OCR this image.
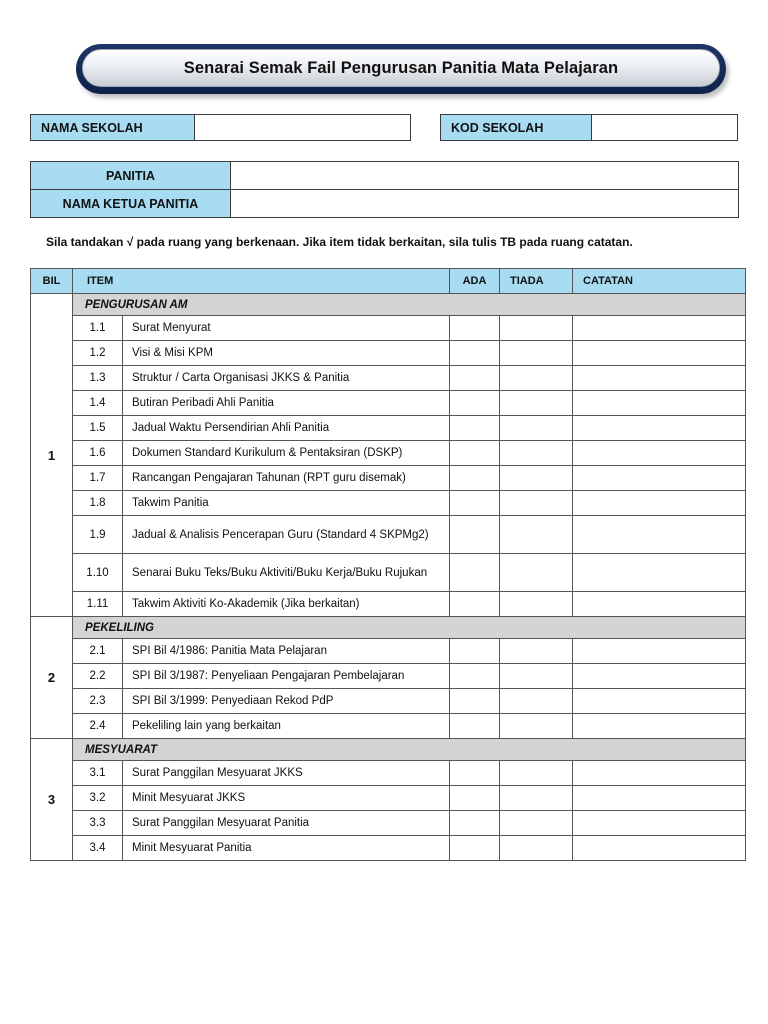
Senarai Semak Fail Pengurusan Panitia Mata Pelajaran
NAMA SEKOLAH		KOD SEKOLAH	
PANITIA	
NAMA KETUA PANITIA	
Sila tandakan √ pada ruang yang berkenaan. Jika item tidak berkaitan, sila tulis TB pada ruang catatan.
BIL	ITEM		ADA	TIADA	CATATAN
1	PENGURUSAN AM				
	1.1	Surat Menyurat			
	1.2	Visi & Misi KPM			
	1.3	Struktur / Carta Organisasi JKKS & Panitia			
	1.4	Butiran Peribadi Ahli Panitia			
	1.5	Jadual Waktu Persendirian Ahli Panitia			
	1.6	Dokumen Standard Kurikulum & Pentaksiran (DSKP)			
	1.7	Rancangan Pengajaran Tahunan (RPT guru disemak)			
	1.8	Takwim Panitia			
	1.9	Jadual & Analisis Pencerapan Guru (Standard 4 SKPMg2)			
	1.10	Senarai Buku Teks/Buku Aktiviti/Buku Kerja/Buku Rujukan			
	1.11	Takwim Aktiviti Ko-Akademik (Jika berkaitan)			
2	PEKELILING				
	2.1	SPI Bil 4/1986: Panitia Mata Pelajaran			
	2.2	SPI Bil 3/1987: Penyeliaan Pengajaran Pembelajaran			
	2.3	SPI Bil 3/1999: Penyediaan Rekod PdP			
	2.4	Pekeliling lain yang berkaitan			
3	MESYUARAT				
	3.1	Surat Panggilan Mesyuarat JKKS			
	3.2	Minit Mesyuarat JKKS			
	3.3	Surat Panggilan Mesyuarat Panitia			
	3.4	Minit Mesyuarat Panitia			
